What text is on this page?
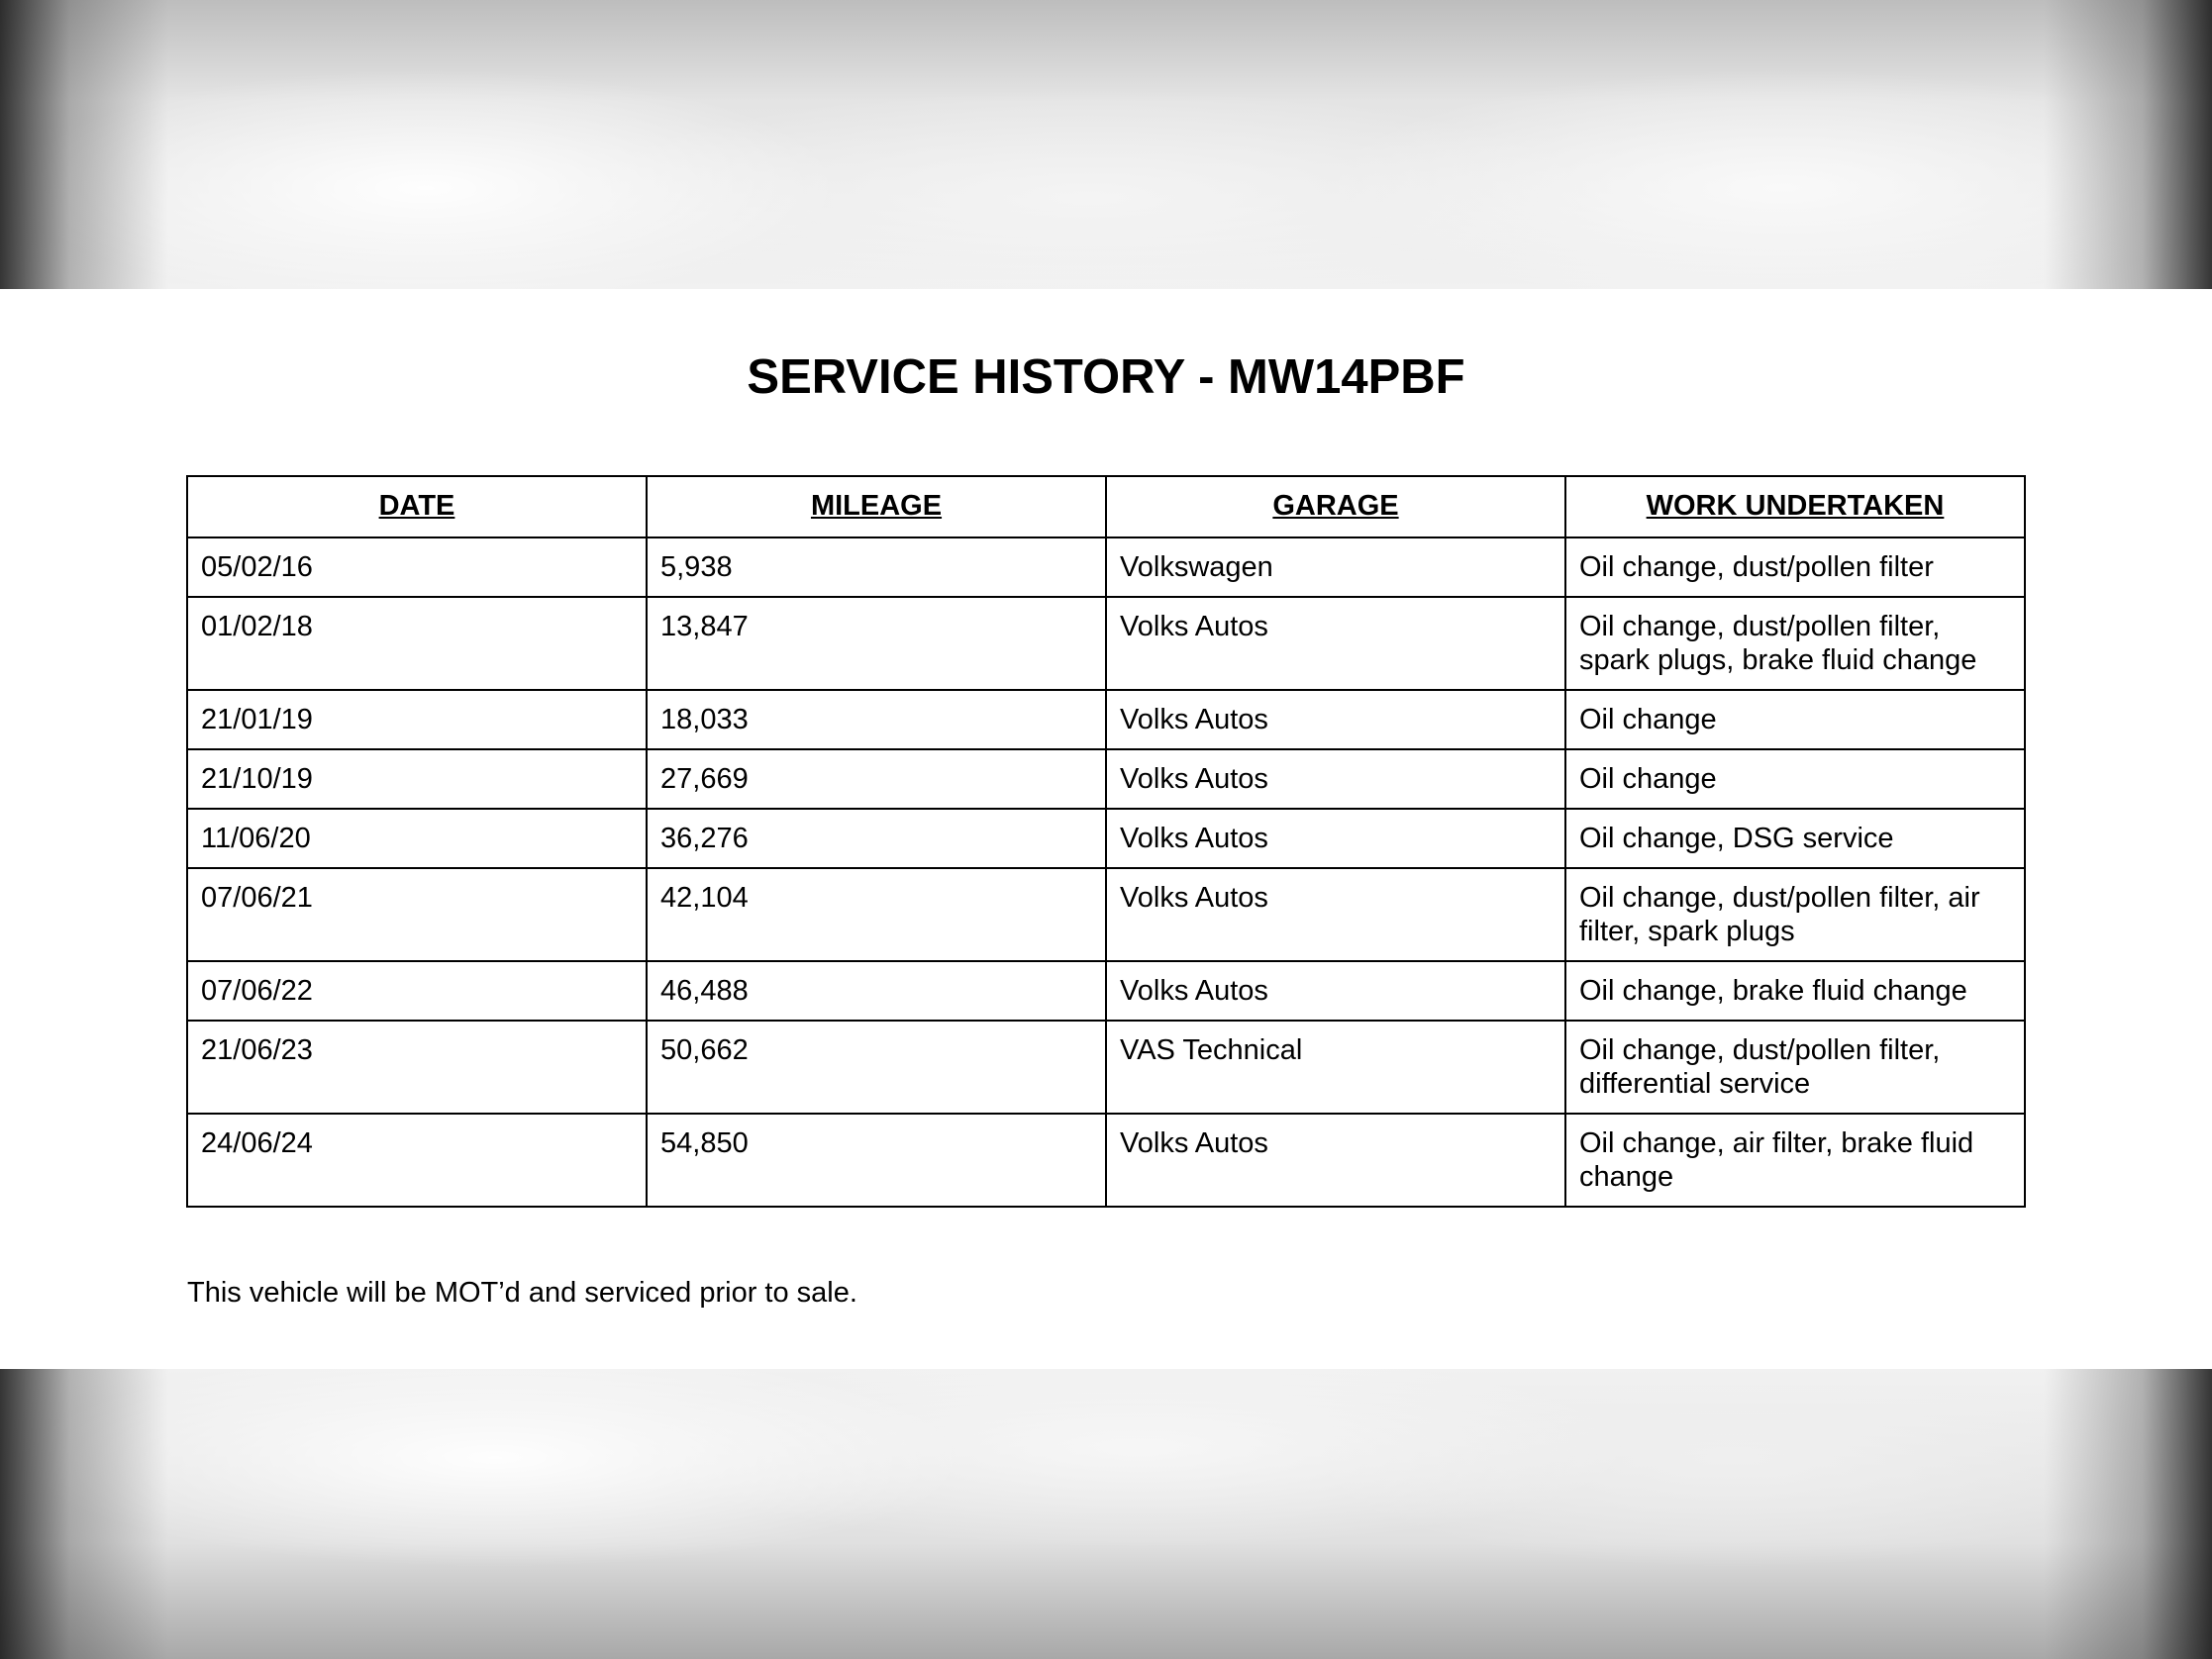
SERVICE HISTORY - MW14PBF
DATE	MILEAGE	GARAGE	WORK UNDERTAKEN
05/02/16	5,938	Volkswagen	Oil change, dust/pollen filter
01/02/18	13,847	Volks Autos	Oil change, dust/pollen filter, spark plugs, brake fluid change
21/01/19	18,033	Volks Autos	Oil change
21/10/19	27,669	Volks Autos	Oil change
11/06/20	36,276	Volks Autos	Oil change, DSG service
07/06/21	42,104	Volks Autos	Oil change, dust/pollen filter, air filter, spark plugs
07/06/22	46,488	Volks Autos	Oil change, brake fluid change
21/06/23	50,662	VAS Technical	Oil change, dust/pollen filter, differential service
24/06/24	54,850	Volks Autos	Oil change, air filter, brake fluid change

This vehicle will be MOT’d and serviced prior to sale.
